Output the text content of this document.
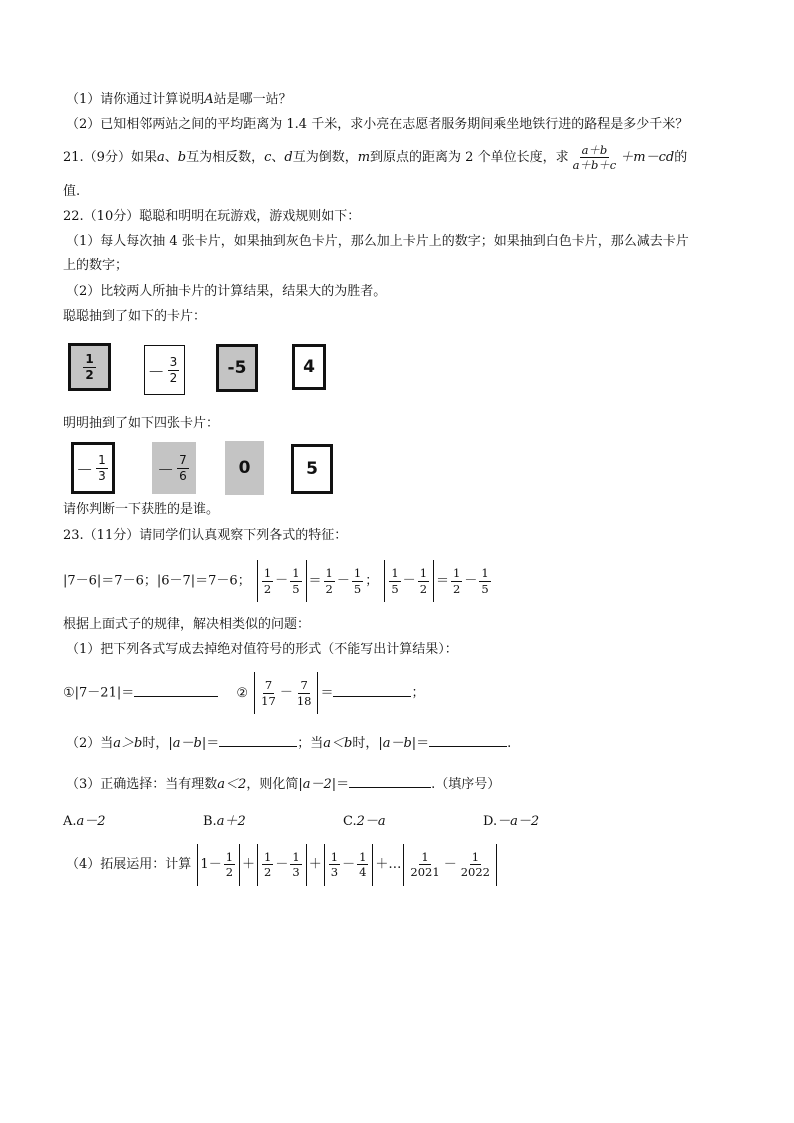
（1）请你通过计算说明A站是哪一站？
（2）已知相邻两站之间的平均距离为 1.4 千米，求小亮在志愿者服务期间乘坐地铁行进的路程是多少千米？
21.（9分）如果a、b互为相反数，c、d互为倒数，m到原点的距离为 2 个单位长度，求 $\frac{a+b}{a+b+c} +m-cd$的
值.
22.（10分）聪聪和明明在玩游戏，游戏规则如下：
（1）每人每次抽 4 张卡片，如果抽到灰色卡片，那么加上卡片上的数字；如果抽到白色卡片，那么减去卡片
上的数字；
（2）比较两人所抽卡片的计算结果，结果大的为胜者。
聪聪抽到了如下的卡片：
$\frac{1}{2}$	－ $\frac{3}{2}$	-5	4
明明抽到了如下四张卡片：
－ $\frac{1}{3}$	－ $\frac{7}{6}$	0	5
请你判断一下获胜的是谁。
23.（11分）请同学们认真观察下列各式的特征：
|7－6|＝7－6；|6－7|＝7－6； $\frac{1}{2} - \frac{1}{5} = \frac{1}{2} - \frac{1}{5}$ ； $\frac{1}{5} - \frac{1}{2} = \frac{1}{2} - \frac{1}{5}$
根据上面式子的规律，解决相类似的问题：
（1）把下列各式写成去掉绝对值符号的形式（不能写出计算结果）：
①|7－21|＝	② $\frac{7}{17} - \frac{7}{18}$ ＝	；
（2）当a＞b时，|a－b|＝	；当a＜b时，|a－b|＝	.
（3）正确选择：当有理数a＜2，则化简|a－2|＝	.（填序号）
A.a－2	B.a＋2	C.2－a	D.－a－2
（4）拓展运用：计算 $1- \frac{1}{2} + \frac{1}{2} - \frac{1}{3} + \frac{1}{3} - \frac{1}{4}$ ＋… $\frac{1}{2021} - \frac{1}{2022}$
